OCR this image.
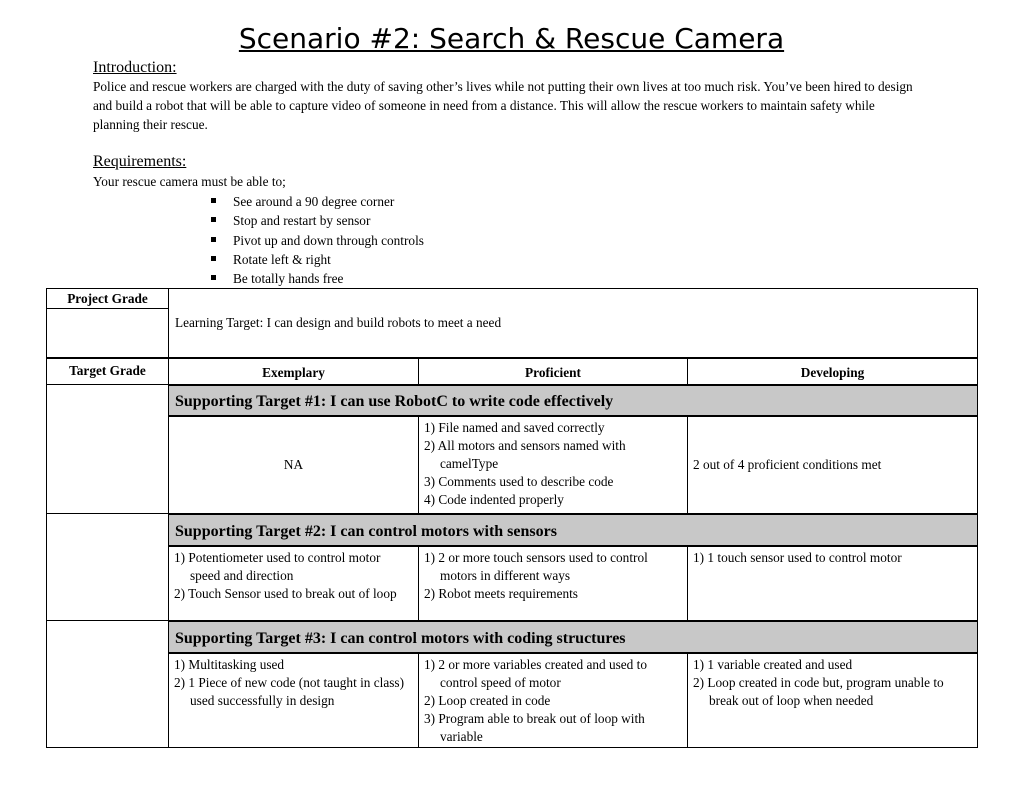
Scenario #2: Search & Rescue Camera
Introduction:
Police and rescue workers are charged with the duty of saving other’s lives while not putting their own lives at too much risk. You’ve been hired to design and build a robot that will be able to capture video of someone in need from a distance. This will allow the rescue workers to maintain safety while planning their rescue.
Requirements:
Your rescue camera must be able to;
See around a 90 degree corner
Stop and restart by sensor
Pivot up and down through controls
Rotate left & right
Be totally hands free
Project Grade	Learning Target: I can design and build robots to meet a need		

Target Grade	Exemplary	Proficient	Developing
	Supporting Target #1: I can use RobotC to write code effectively		
	NA	1) File named and saved correctly
2) All motors and sensors named with camelType
3) Comments used to describe code
4) Code indented properly	2 out of 4 proficient conditions met
	Supporting Target #2: I can control motors with sensors		

	1) Potentiometer used to control motor speed and direction
2) Touch Sensor used to break out of loop	1) 2 or more touch sensors used to control motors in different ways
2) Robot meets requirements	1) 1 touch sensor used to control motor

	Supporting Target #3: I can control motors with coding structures		

	1) Multitasking used
2) 1 Piece of new code (not taught in class) used successfully in design	1) 2 or more variables created and used to control speed of motor
2) Loop created in code
3) Program able to break out of loop with variable	1) 1 variable created and used
2) Loop created in code but, program unable to break out of loop when needed
